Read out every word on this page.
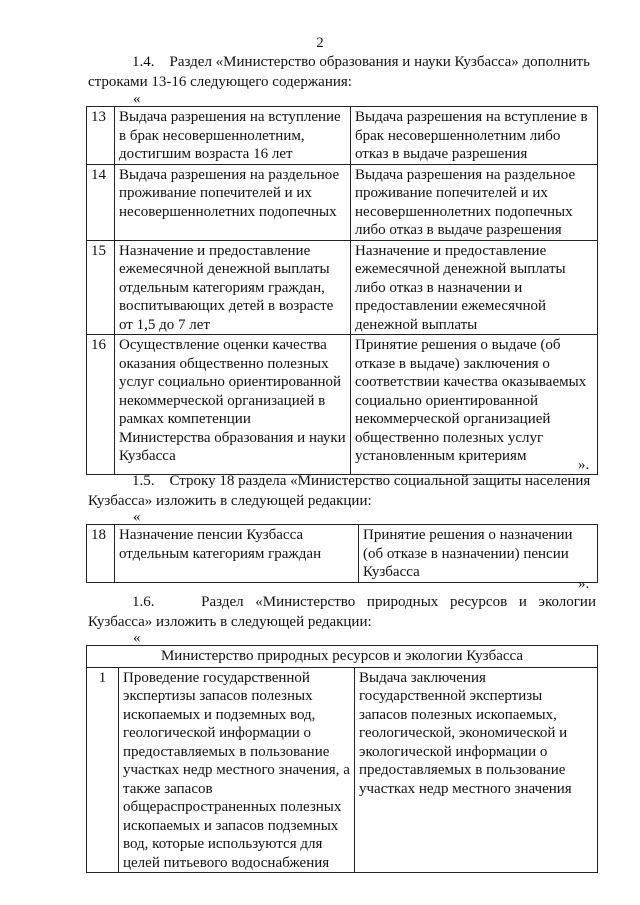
2
1.4.    Раздел «Министерство образования и науки Кузбасса» дополнить
строками 13-16 следующего содержания:
«
13	Выдача разрешения на вступление в брак несовершеннолетним, достигшим возраста 16 лет	Выдача разрешения на вступление в брак несовершеннолетним либо отказ в выдаче разрешения
14	Выдача разрешения на раздельное проживание попечителей и их несовершеннолетних подопечных	Выдача разрешения на раздельное проживание попечителей и их несовершеннолетних подопечных либо отказ в выдаче разрешения
15	Назначение и предоставление ежемесячной денежной выплаты отдельным категориям граждан, воспитывающих детей в возрасте от 1,5 до 7 лет	Назначение и предоставление ежемесячной денежной выплаты либо отказ в назначении и предоставлении ежемесячной денежной выплаты
16	Осуществление оценки качества оказания общественно полезных услуг социально ориентированной некоммерческой организацией в рамках компетенции Министерства образования и науки Кузбасса	Принятие решения о выдаче (об отказе в выдаче) заключения о соответствии качества оказываемых социально ориентированной некоммерческой организацией общественно полезных услуг установленным критериям
».
1.5.    Строку 18 раздела «Министерство социальной защиты населения
Кузбасса» изложить в следующей редакции:
«
18	Назначение пенсии Кузбасса отдельным категориям граждан	Принятие решения о назначении (об отказе в назначении) пенсии Кузбасса
».
1.6.    Раздел «Министерство природных ресурсов и экологии
Кузбасса» изложить в следующей редакции:
«
Министерство природных ресурсов и экологии Кузбасса
1	Проведение государственной экспертизы запасов полезных ископаемых и подземных вод, геологической информации о предоставляемых в пользование участках недр местного значения, а также запасов общераспространенных полезных ископаемых и запасов подземных вод, которые используются для целей питьевого водоснабжения	Выдача заключения государственной экспертизы запасов полезных ископаемых, геологической, экономической и экологической информации о предоставляемых в пользование участках недр местного значения
